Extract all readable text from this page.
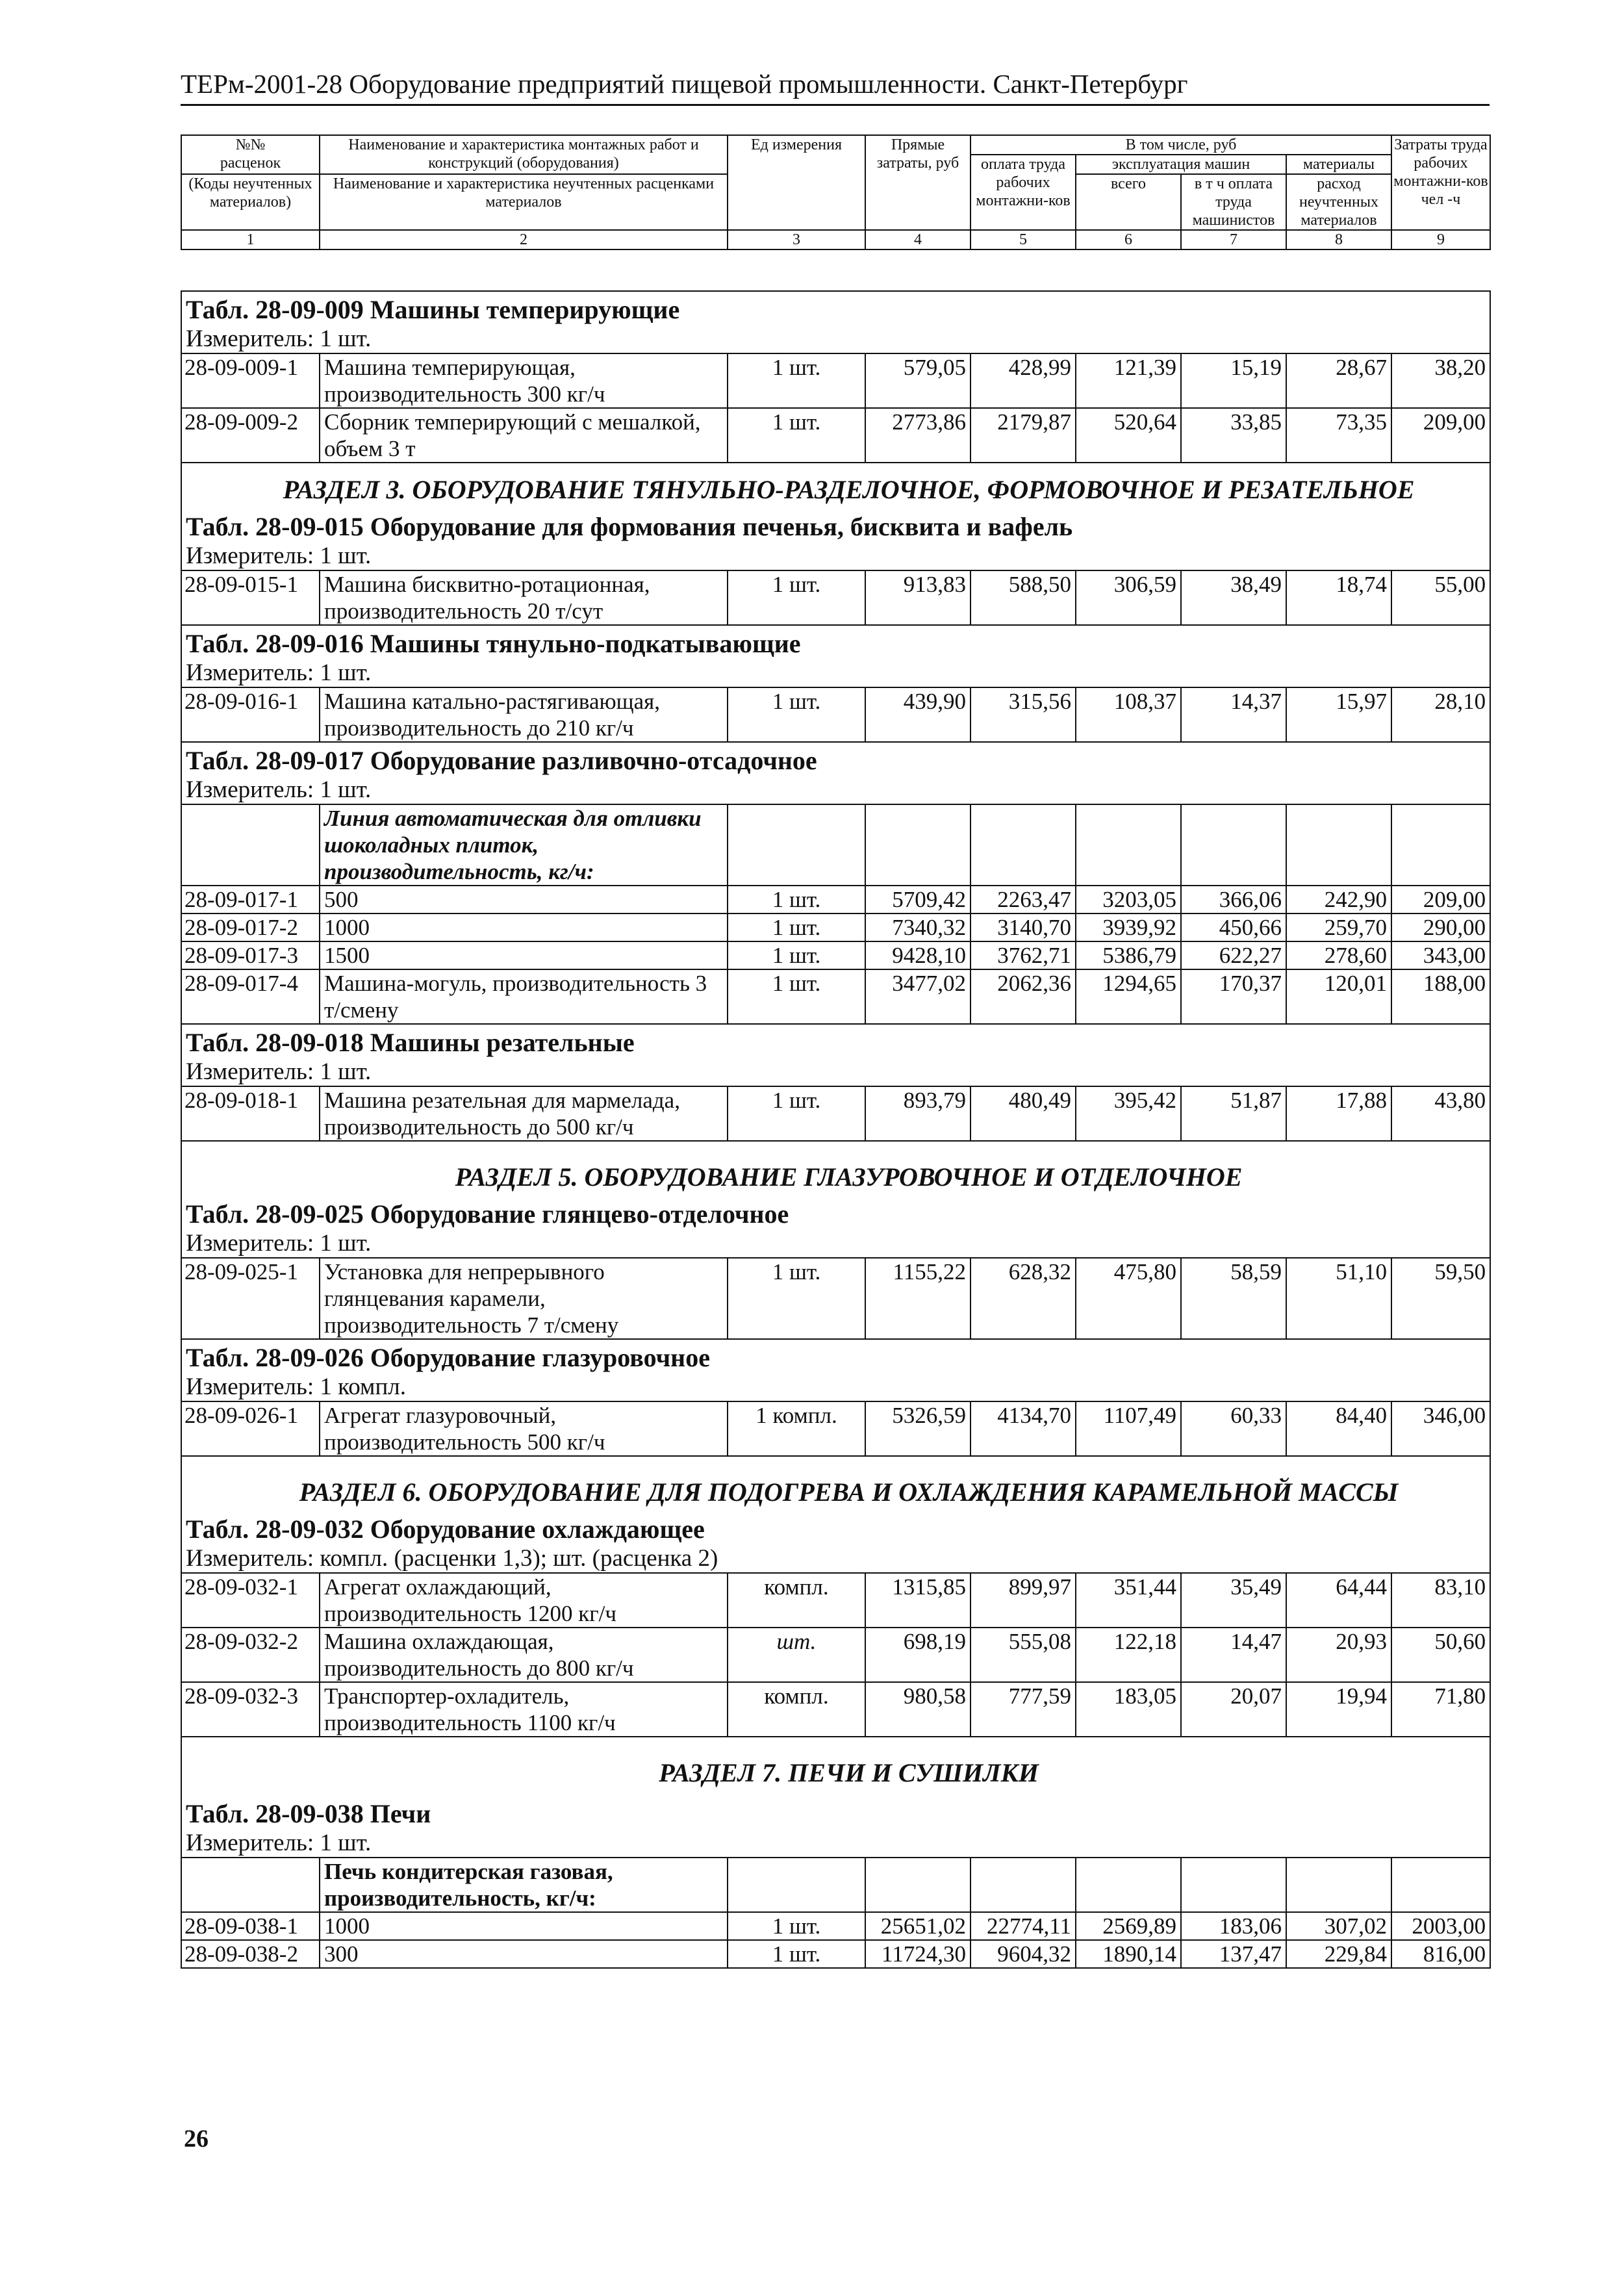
ТЕРм-2001-28 Оборудование предприятий пищевой промышленности. Санкт-Петербург
№№
расценок	Наименование и характеристика монтажных работ и конструкций (оборудования)	Ед измерения	Прямые затраты, руб	В том числе, руб				Затраты труда рабочих монтажни-ков чел -ч
				оплата труда рабочих монтажни-ков	эксплуатация машин		материалы	
(Коды неучтенных материалов)	Наименование и характеристика неучтенных расценками материалов				всего	в т ч оплата труда машинистов	расход неучтенных материалов	

1	2	3	4	5	6	7	8	9
Табл. 28-09-009 Машины темперирующие
Измеритель: 1 шт.								

28-09-009-1	Машина темперирующая, производительность 300 кг/ч	1 шт.	579,05	428,99	121,39	15,19	28,67	38,20
28-09-009-2	Сборник темперирующий с мешалкой, объем 3 т	1 шт.	2773,86	2179,87	520,64	33,85	73,35	209,00

РАЗДЕЛ 3. ОБОРУДОВАНИЕ ТЯНУЛЬНО-РАЗДЕЛОЧНОЕ, ФОРМОВОЧНОЕ И РЕЗАТЕЛЬНОЕ
Табл. 28-09-015 Оборудование для формования печенья, бисквита и вафель
Измеритель: 1 шт.								

28-09-015-1	Машина бисквитно-ротационная, производительность 20 т/сут	1 шт.	913,83	588,50	306,59	38,49	18,74	55,00

Табл. 28-09-016 Машины тянульно-подкатывающие
Измеритель: 1 шт.								

28-09-016-1	Машина катально-растягивающая, производительность до 210 кг/ч	1 шт.	439,90	315,56	108,37	14,37	15,97	28,10

Табл. 28-09-017 Оборудование разливочно-отсадочное
Измеритель: 1 шт.								

	Линия автоматическая для отливки шоколадных плиток, производительность, кг/ч:							
28-09-017-1	500	1 шт.	5709,42	2263,47	3203,05	366,06	242,90	209,00
28-09-017-2	1000	1 шт.	7340,32	3140,70	3939,92	450,66	259,70	290,00
28-09-017-3	1500	1 шт.	9428,10	3762,71	5386,79	622,27	278,60	343,00
28-09-017-4	Машина-могуль, производительность 3 т/смену	1 шт.	3477,02	2062,36	1294,65	170,37	120,01	188,00

Табл. 28-09-018 Машины резательные
Измеритель: 1 шт.								

28-09-018-1	Машина резательная для мармелада, производительность до 500 кг/ч	1 шт.	893,79	480,49	395,42	51,87	17,88	43,80

РАЗДЕЛ 5. ОБОРУДОВАНИЕ ГЛАЗУРОВОЧНОЕ И ОТДЕЛОЧНОЕ
Табл. 28-09-025 Оборудование глянцево-отделочное
Измеритель: 1 шт.								

28-09-025-1	Установка для непрерывного глянцевания карамели, производительность 7 т/смену	1 шт.	1155,22	628,32	475,80	58,59	51,10	59,50

Табл. 28-09-026 Оборудование глазуровочное
Измеритель: 1 компл.								

28-09-026-1	Агрегат глазуровочный, производительность 500 кг/ч	1 компл.	5326,59	4134,70	1107,49	60,33	84,40	346,00

РАЗДЕЛ 6. ОБОРУДОВАНИЕ ДЛЯ ПОДОГРЕВА И ОХЛАЖДЕНИЯ КАРАМЕЛЬНОЙ МАССЫ
Табл. 28-09-032 Оборудование охлаждающее
Измеритель: компл. (расценки 1,3); шт. (расценка 2)								

28-09-032-1	Агрегат охлаждающий, производительность 1200 кг/ч	компл.	1315,85	899,97	351,44	35,49	64,44	83,10
28-09-032-2	Машина охлаждающая, производительность до 800 кг/ч	шт.	698,19	555,08	122,18	14,47	20,93	50,60
28-09-032-3	Транспортер-охладитель, производительность 1100 кг/ч	компл.	980,58	777,59	183,05	20,07	19,94	71,80

РАЗДЕЛ 7. ПЕЧИ И СУШИЛКИ
Табл. 28-09-038 Печи
Измеритель: 1 шт.								

	Печь кондитерская газовая, производительность, кг/ч:							
28-09-038-1	1000	1 шт.	25651,02	22774,11	2569,89	183,06	307,02	2003,00
28-09-038-2	300	1 шт.	11724,30	9604,32	1890,14	137,47	229,84	816,00
26
